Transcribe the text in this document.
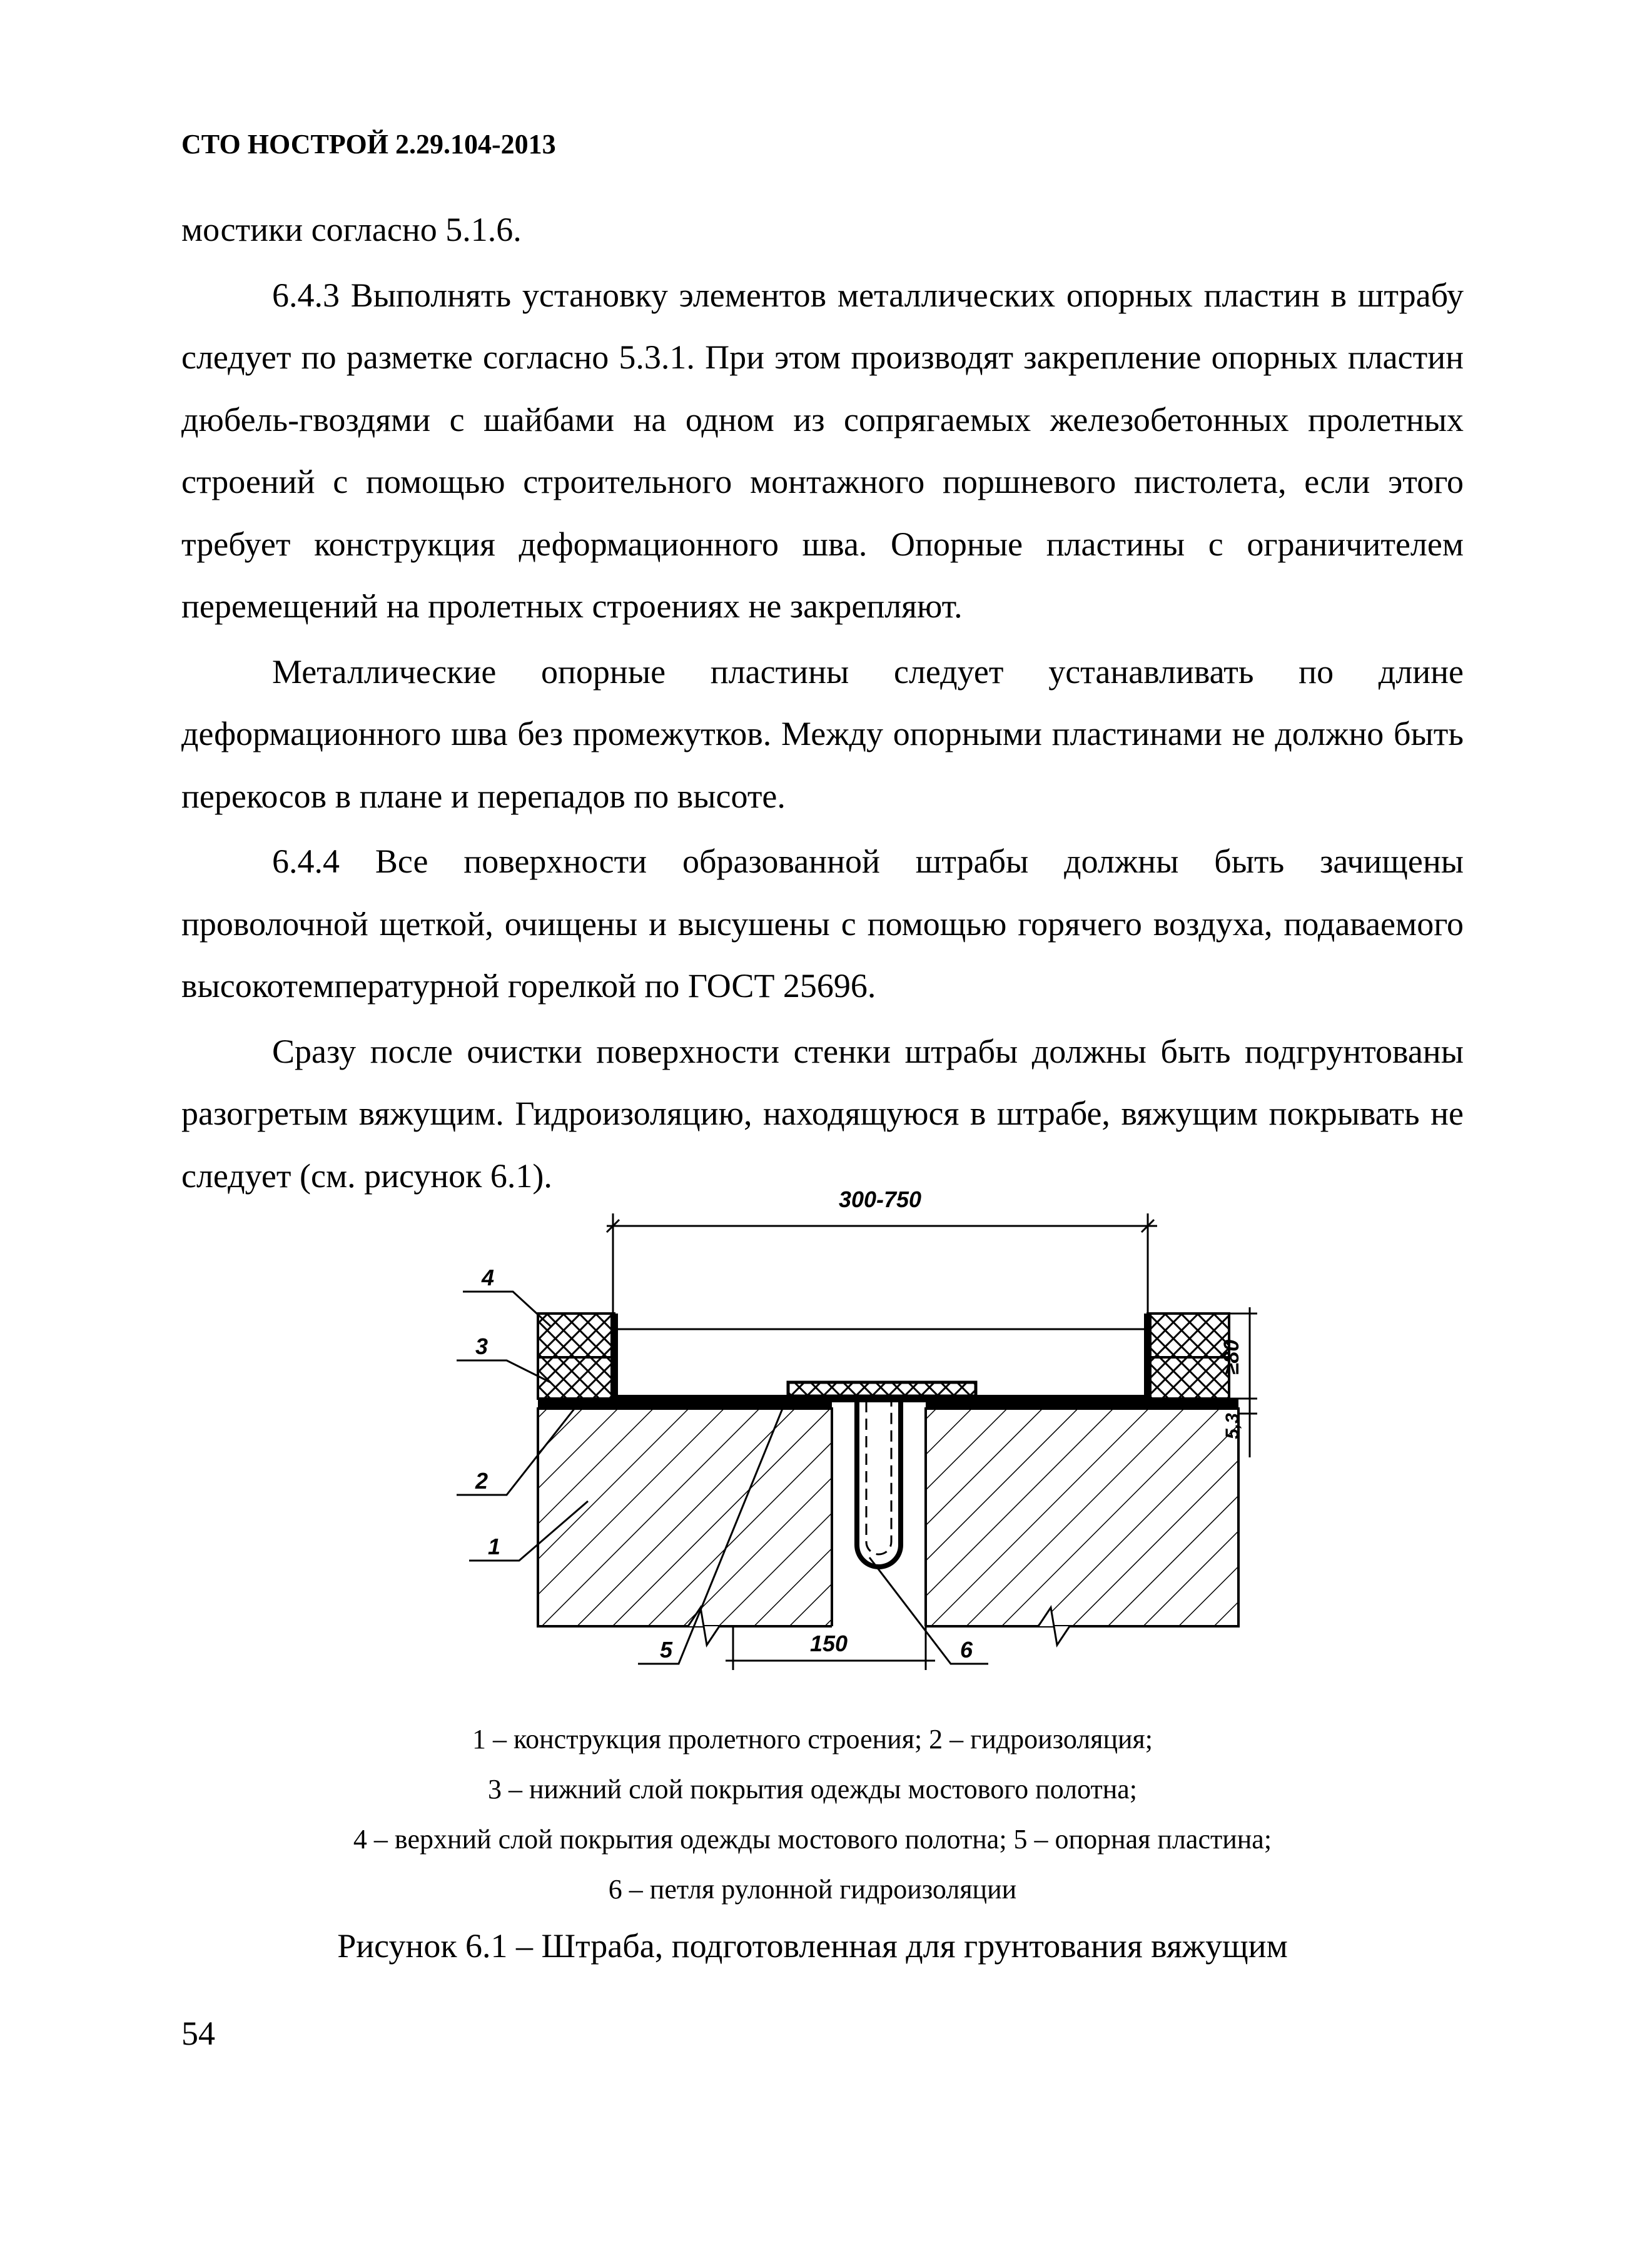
СТО НОСТРОЙ 2.29.104-2013

мостики согласно 5.1.6.

6.4.3 Выполнять установку элементов металлических опорных пластин в штрабу следует по разметке согласно 5.3.1. При этом производят закрепление опорных пластин дюбель-гвоздями с шайбами на одном из сопрягаемых железобетонных пролетных строений с помощью строительного монтажного поршневого пистолета, если этого требует конструкция деформационного шва. Опорные пластины с ограничителем перемещений на пролетных строениях не закрепляют.

Металлические опорные пластины следует устанавливать по длине деформационного шва без промежутков. Между опорными пластинами не должно быть перекосов в плане и перепадов по высоте.

6.4.4 Все поверхности образованной штрабы должны быть зачищены проволочной щеткой, очищены и высушены с помощью горячего воздуха, подаваемого высокотемпературной горелкой по ГОСТ 25696.

Сразу после очистки поверхности стенки штрабы должны быть подгрунтованы разогретым вяжущим. Гидроизоляцию, находящуюся в штрабе, вяжущим покрывать не следует (см. рисунок 6.1).

300-750
150
≥80
5,3
4
3
2
1
5	6
1 – конструкция пролетного строения; 2 – гидроизоляция;
3 – нижний слой покрытия одежды мостового полотна;
4 – верхний слой покрытия одежды мостового полотна; 5 – опорная пластина;
6 – петля рулонной гидроизоляции
Рисунок 6.1 – Штраба, подготовленная для грунтования вяжущим
54
